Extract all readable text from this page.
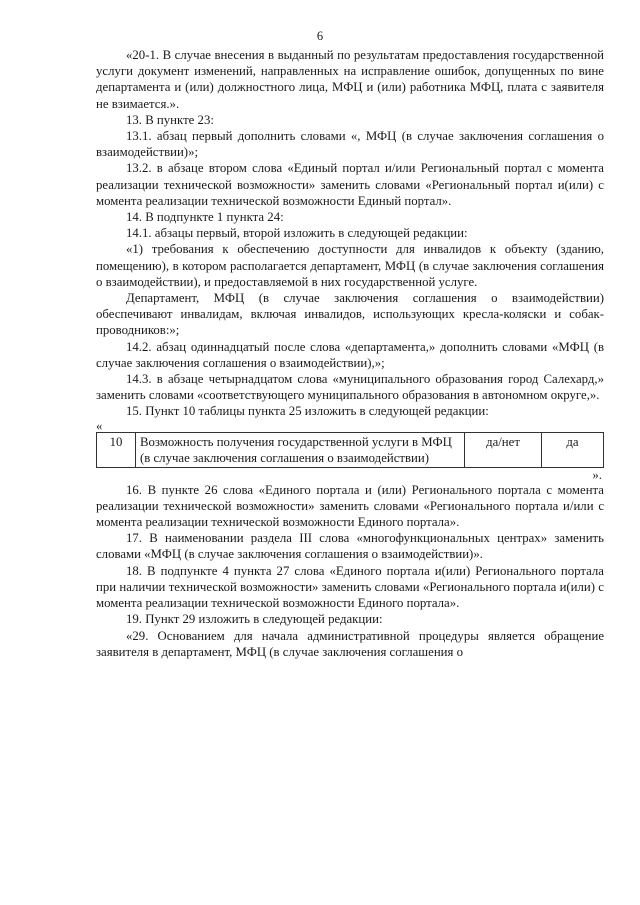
6

«20-1. В случае внесения в выданный по результатам предоставления государственной услуги документ изменений, направленных на исправление ошибок, допущенных по вине департамента и (или) должностного лица, МФЦ и (или) работника МФЦ, плата с заявителя не взимается.».

13. В пункте 23:

13.1. абзац первый дополнить словами «, МФЦ (в случае заключения соглашения о взаимодействии)»;

13.2. в абзаце втором слова «Единый портал и/или Региональный портал с момента реализации технической возможности» заменить словами «Региональный портал и(или) с момента реализации технической возможности Единый портал».

14. В подпункте 1 пункта 24:

14.1. абзацы первый, второй изложить в следующей редакции:

«1) требования к обеспечению доступности для инвалидов к объекту (зданию, помещению), в котором располагается департамент, МФЦ (в случае заключения соглашения о взаимодействии), и предоставляемой в них государственной услуге.

Департамент, МФЦ (в случае заключения соглашения о взаимодействии) обеспечивают инвалидам, включая инвалидов, использующих кресла-коляски и собак-проводников:»;

14.2. абзац одиннадцатый после слова «департамента,» дополнить словами «МФЦ (в случае заключения соглашения о взаимодействии),»;

14.3. в абзаце четырнадцатом слова «муниципального образования город Салехард,» заменить словами «соответствующего муниципального образования в автономном округе,».

15. Пункт 10 таблицы пункта 25 изложить в следующей редакции:

«

10	Возможность получения государственной услуги в МФЦ (в случае заключения соглашения о взаимодействии)	да/нет	да

».

16. В пункте 26 слова «Единого портала и (или) Регионального портала с момента реализации технической возможности» заменить словами «Регионального портала и/или с момента реализации технической возможности Единого портала».

17. В наименовании раздела III слова «многофункциональных центрах» заменить словами «МФЦ (в случае заключения соглашения о взаимодействии)».

18. В подпункте 4 пункта 27 слова «Единого портала и(или) Регионального портала при наличии технической возможности» заменить словами «Регионального портала и(или) с момента реализации технической возможности Единого портала».

19. Пункт 29 изложить в следующей редакции:

«29. Основанием для начала административной процедуры является обращение заявителя в департамент, МФЦ (в случае заключения соглашения о
